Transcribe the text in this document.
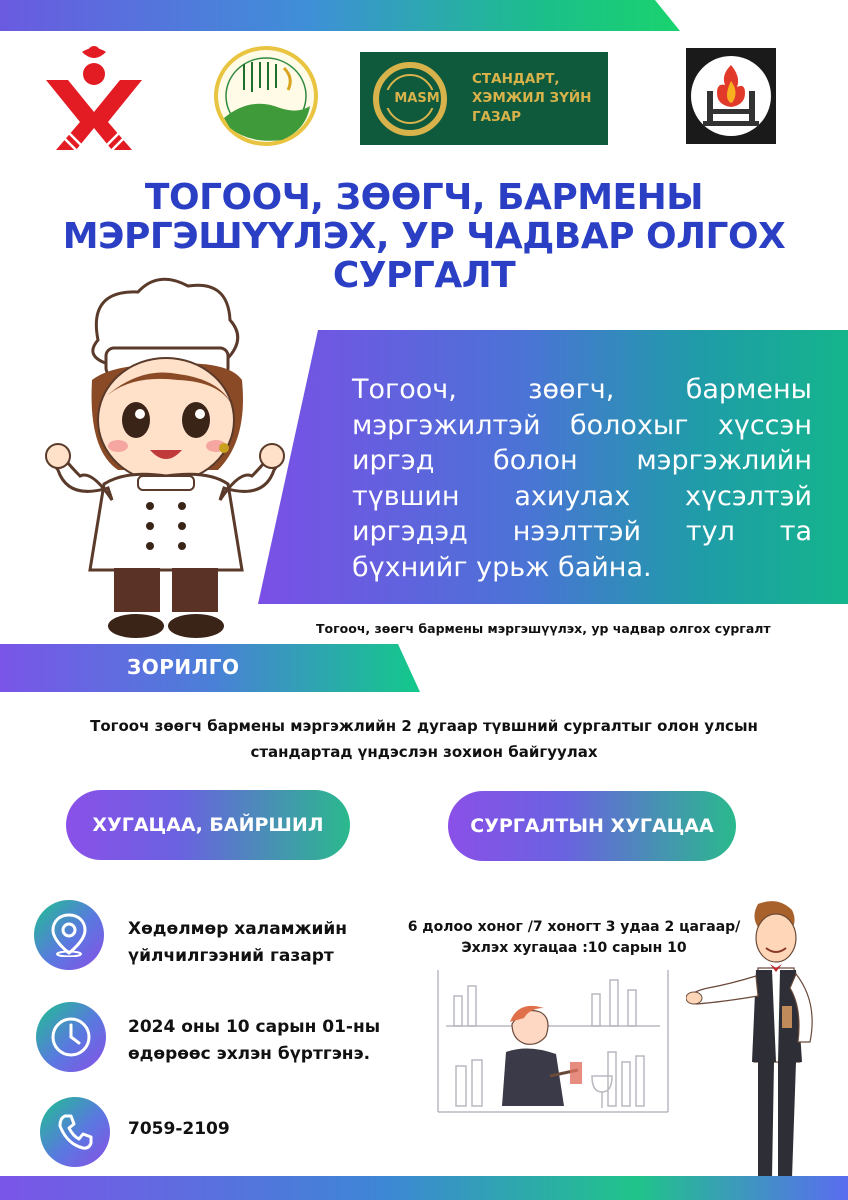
MASM
СТАНДАРТ,
ХЭМЖИЛ ЗҮЙН
ГАЗАР
ТОГООЧ, ЗӨӨГЧ, БАРМЕНЫ
МЭРГЭШҮҮЛЭХ, УР ЧАДВАР ОЛГОХ
СУРГАЛТ
Тогооч, зөөгч, бармены мэргэжилтэй болохыг хүссэн иргэд болон мэргэжлийн түвшин ахиулах хүсэлтэй иргэдэд нээлттэй тул та бүхнийг урьж байна.
Тогооч, зөөгч бармены мэргэшүүлэх, ур чадвар олгох сургалт
ЗОРИЛГО
Тогооч зөөгч бармены мэргэжлийн 2 дугаар түвшний сургалтыг олон улсын
стандартад үндэслэн зохион байгуулах
ХУГАЦАА, БАЙРШИЛ	СУРГАЛТЫН ХУГАЦАА
Хөдөлмөр халамжийн
үйлчилгээний газарт
2024 оны 10 сарын 01-ны
өдөрөөс эхлэн бүртгэнэ.
7059-2109
6 долоо хоног /7 хоногт 3 удаа 2 цагаар/
Эхлэх хугацаа :10 сарын 10
